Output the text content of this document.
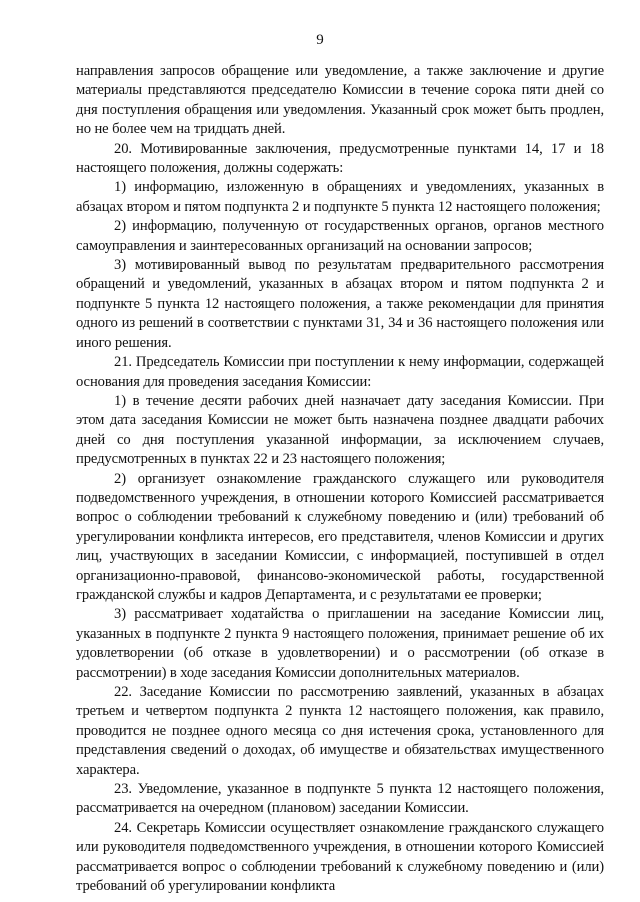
9

направления запросов обращение или уведомление, а также заключение и другие материалы представляются председателю Комиссии в течение сорока пяти дней со дня поступления обращения или уведомления. Указанный срок может быть продлен, но не более чем на тридцать дней.

20. Мотивированные заключения, предусмотренные пунктами 14, 17 и 18 настоящего положения, должны содержать:

1) информацию, изложенную в обращениях и уведомлениях, указанных в абзацах втором и пятом подпункта 2 и подпункте 5 пункта 12 настоящего положения;

2) информацию, полученную от государственных органов, органов местного самоуправления и заинтересованных организаций на основании запросов;

3) мотивированный вывод по результатам предварительного рассмотрения обращений и уведомлений, указанных в абзацах втором и пятом подпункта 2 и подпункте 5 пункта 12 настоящего положения, а также рекомендации для принятия одного из решений в соответствии с пунктами 31, 34 и 36 настоящего положения или иного решения.

21. Председатель Комиссии при поступлении к нему информации, содержащей основания для проведения заседания Комиссии:

1) в течение десяти рабочих дней назначает дату заседания Комиссии. При этом дата заседания Комиссии не может быть назначена позднее двадцати рабочих дней со дня поступления указанной информации, за исключением случаев, предусмотренных в пунктах 22 и 23 настоящего положения;

2) организует ознакомление гражданского служащего или руководителя подведомственного учреждения, в отношении которого Комиссией рассматривается вопрос о соблюдении требований к служебному поведению и (или) требований об урегулировании конфликта интересов, его представителя, членов Комиссии и других лиц, участвующих в заседании Комиссии, с информацией, поступившей в отдел организационно-правовой, финансово-экономической работы, государственной гражданской службы и кадров Департамента, и с результатами ее проверки;

3) рассматривает ходатайства о приглашении на заседание Комиссии лиц, указанных в подпункте 2 пункта 9 настоящего положения, принимает решение об их удовлетворении (об отказе в удовлетворении) и о рассмотрении (об отказе в рассмотрении) в ходе заседания Комиссии дополнительных материалов.

22. Заседание Комиссии по рассмотрению заявлений, указанных в абзацах третьем и четвертом подпункта 2 пункта 12 настоящего положения, как правило, проводится не позднее одного месяца со дня истечения срока, установленного для представления сведений о доходах, об имуществе и обязательствах имущественного характера.

23. Уведомление, указанное в подпункте 5 пункта 12 настоящего положения, рассматривается на очередном (плановом) заседании Комиссии.

24. Секретарь Комиссии осуществляет ознакомление гражданского служащего или руководителя подведомственного учреждения, в отношении которого Комиссией рассматривается вопрос о соблюдении требований к служебному поведению и (или) требований об урегулировании конфликта
